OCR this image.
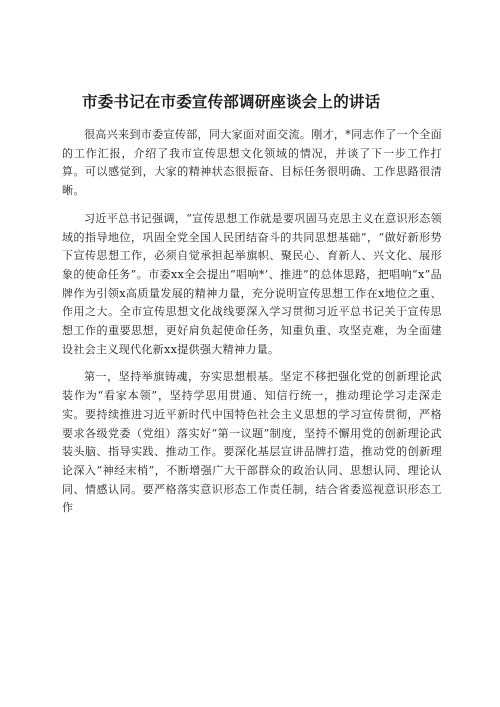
市委书记在市委宣传部调研座谈会上的讲话

很高兴来到市委宣传部，同大家面对面交流。刚才，*同志作了一个全面的工作汇报，介绍了我市宣传思想文化领域的情况，并谈了下一步工作打算。可以感觉到，大家的精神状态很振奋、目标任务很明确、工作思路很清晰。

习近平总书记强调，“宣传思想工作就是要巩固马克思主义在意识形态领域的指导地位，巩固全党全国人民团结奋斗的共同思想基础”，“做好新形势下宣传思想工作，必须自觉承担起举旗帜、聚民心、育新人、兴文化、展形象的使命任务”。市委xx全会提出“唱响*’、推进”的总体思路，把唱响“x”品牌作为引领x高质量发展的精神力量，充分说明宣传思想工作在x地位之重、作用之大。全市宣传思想文化战线要深入学习贯彻习近平总书记关于宣传思想工作的重要思想，更好肩负起使命任务，知重负重、攻坚克难，为全面建设社会主义现代化新xx提供强大精神力量。

第一，坚持举旗铸魂，夯实思想根基。坚定不移把强化党的创新理论武装作为“看家本领”，坚持学思用贯通、知信行统一，推动理论学习走深走实。要持续推进习近平新时代中国特色社会主义思想的学习宣传贯彻，严格要求各级党委（党组）落实好“第一议题”制度，坚持不懈用党的创新理论武装头脑、指导实践、推动工作。要深化基层宣讲品牌打造，推动党的创新理论深入“神经末梢”，不断增强广大干部群众的政治认同、思想认同、理论认同、情感认同。要严格落实意识形态工作责任制，结合省委巡视意识形态工作
